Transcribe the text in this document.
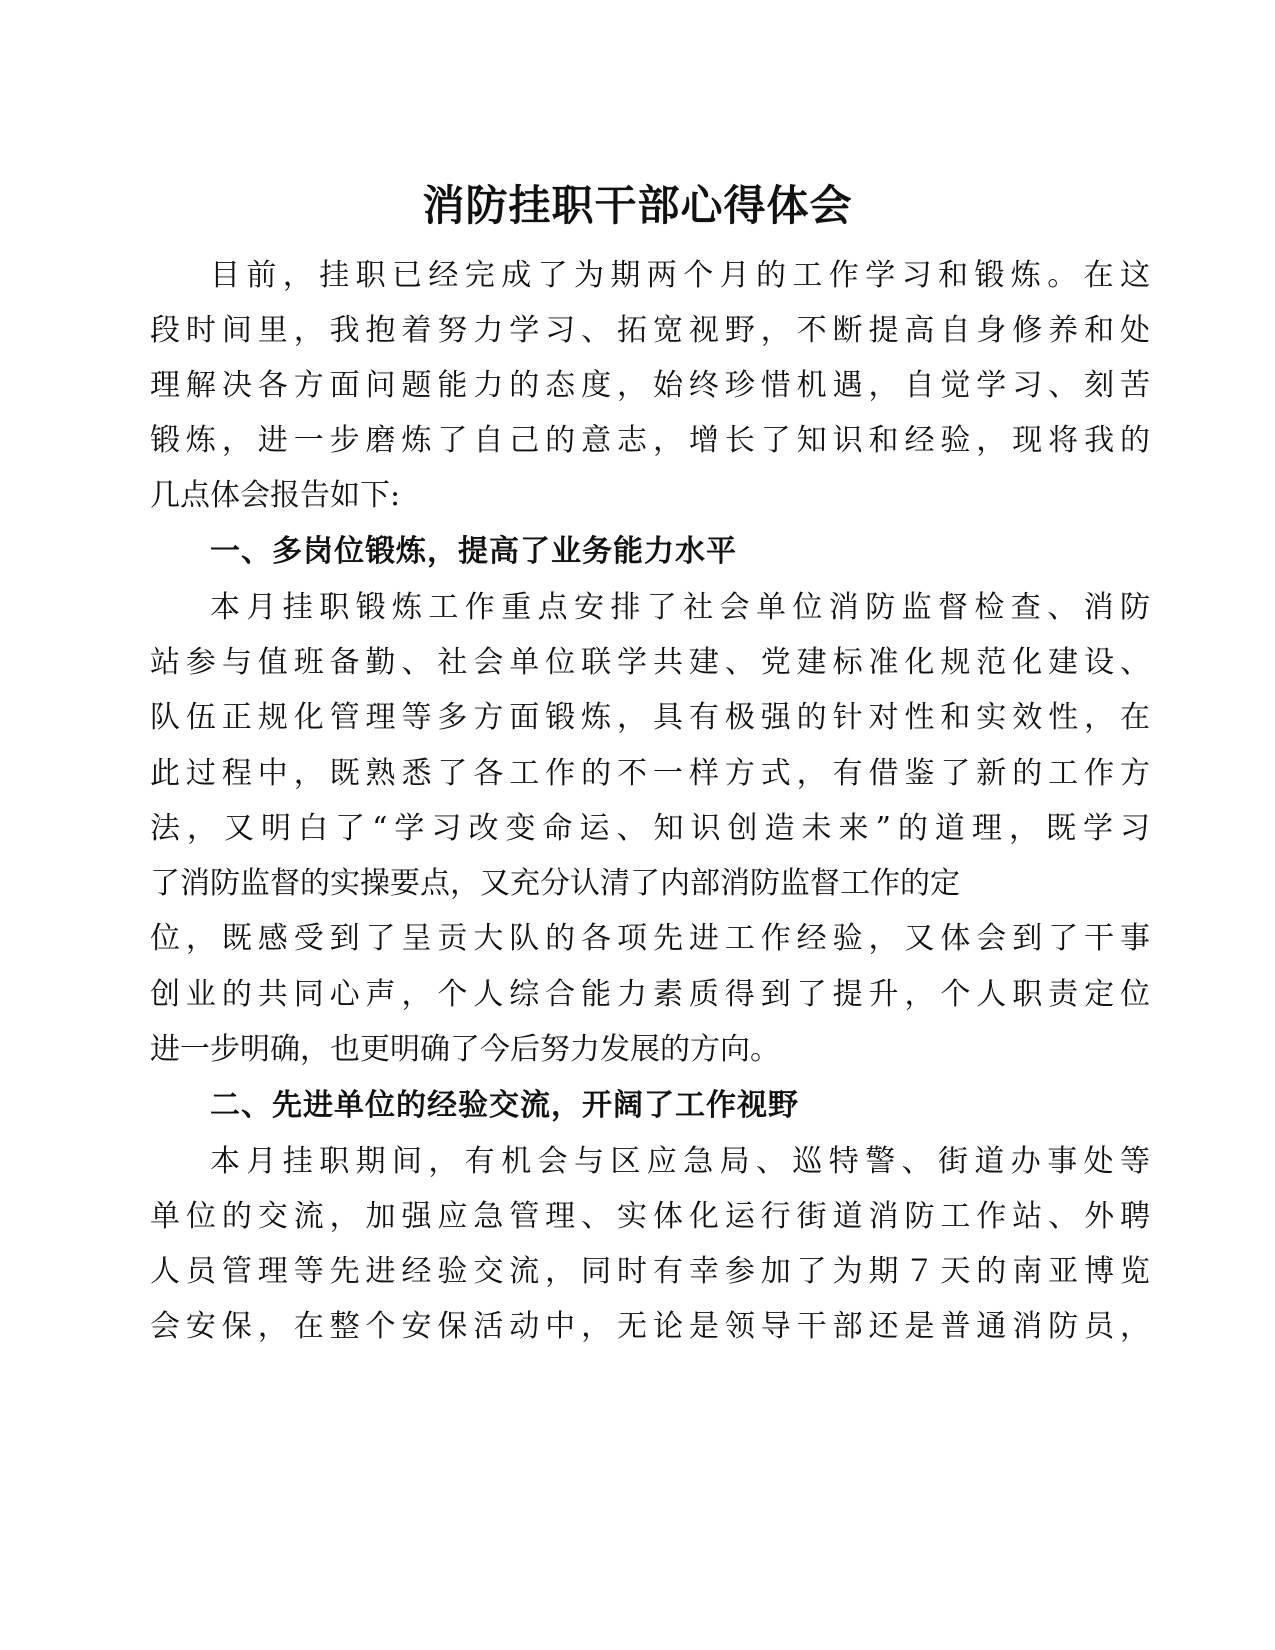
消防挂职干部心得体会

目前，挂职已经完成了为期两个月的工作学习和锻炼。在这

段时间里，我抱着努力学习、拓宽视野，不断提高自身修养和处

理解决各方面问题能力的态度，始终珍惜机遇，自觉学习、刻苦

锻炼，进一步磨炼了自己的意志，增长了知识和经验，现将我的

几点体会报告如下:

一、多岗位锻炼，提高了业务能力水平

本月挂职锻炼工作重点安排了社会单位消防监督检查、消防

站参与值班备勤、社会单位联学共建、党建标准化规范化建设、

队伍正规化管理等多方面锻炼，具有极强的针对性和实效性，在

此过程中，既熟悉了各工作的不一样方式，有借鉴了新的工作方

法，又明白了“学习改变命运、知识创造未来”的道理，既学习

了消防监督的实操要点，又充分认清了内部消防监督工作的定

位，既感受到了呈贡大队的各项先进工作经验，又体会到了干事

创业的共同心声，个人综合能力素质得到了提升，个人职责定位

进一步明确，也更明确了今后努力发展的方向。

二、先进单位的经验交流，开阔了工作视野

本月挂职期间，有机会与区应急局、巡特警、街道办事处等

单位的交流，加强应急管理、实体化运行街道消防工作站、外聘

人员管理等先进经验交流，同时有幸参加了为期７天的南亚博览

会安保，在整个安保活动中，无论是领导干部还是普通消防员，
